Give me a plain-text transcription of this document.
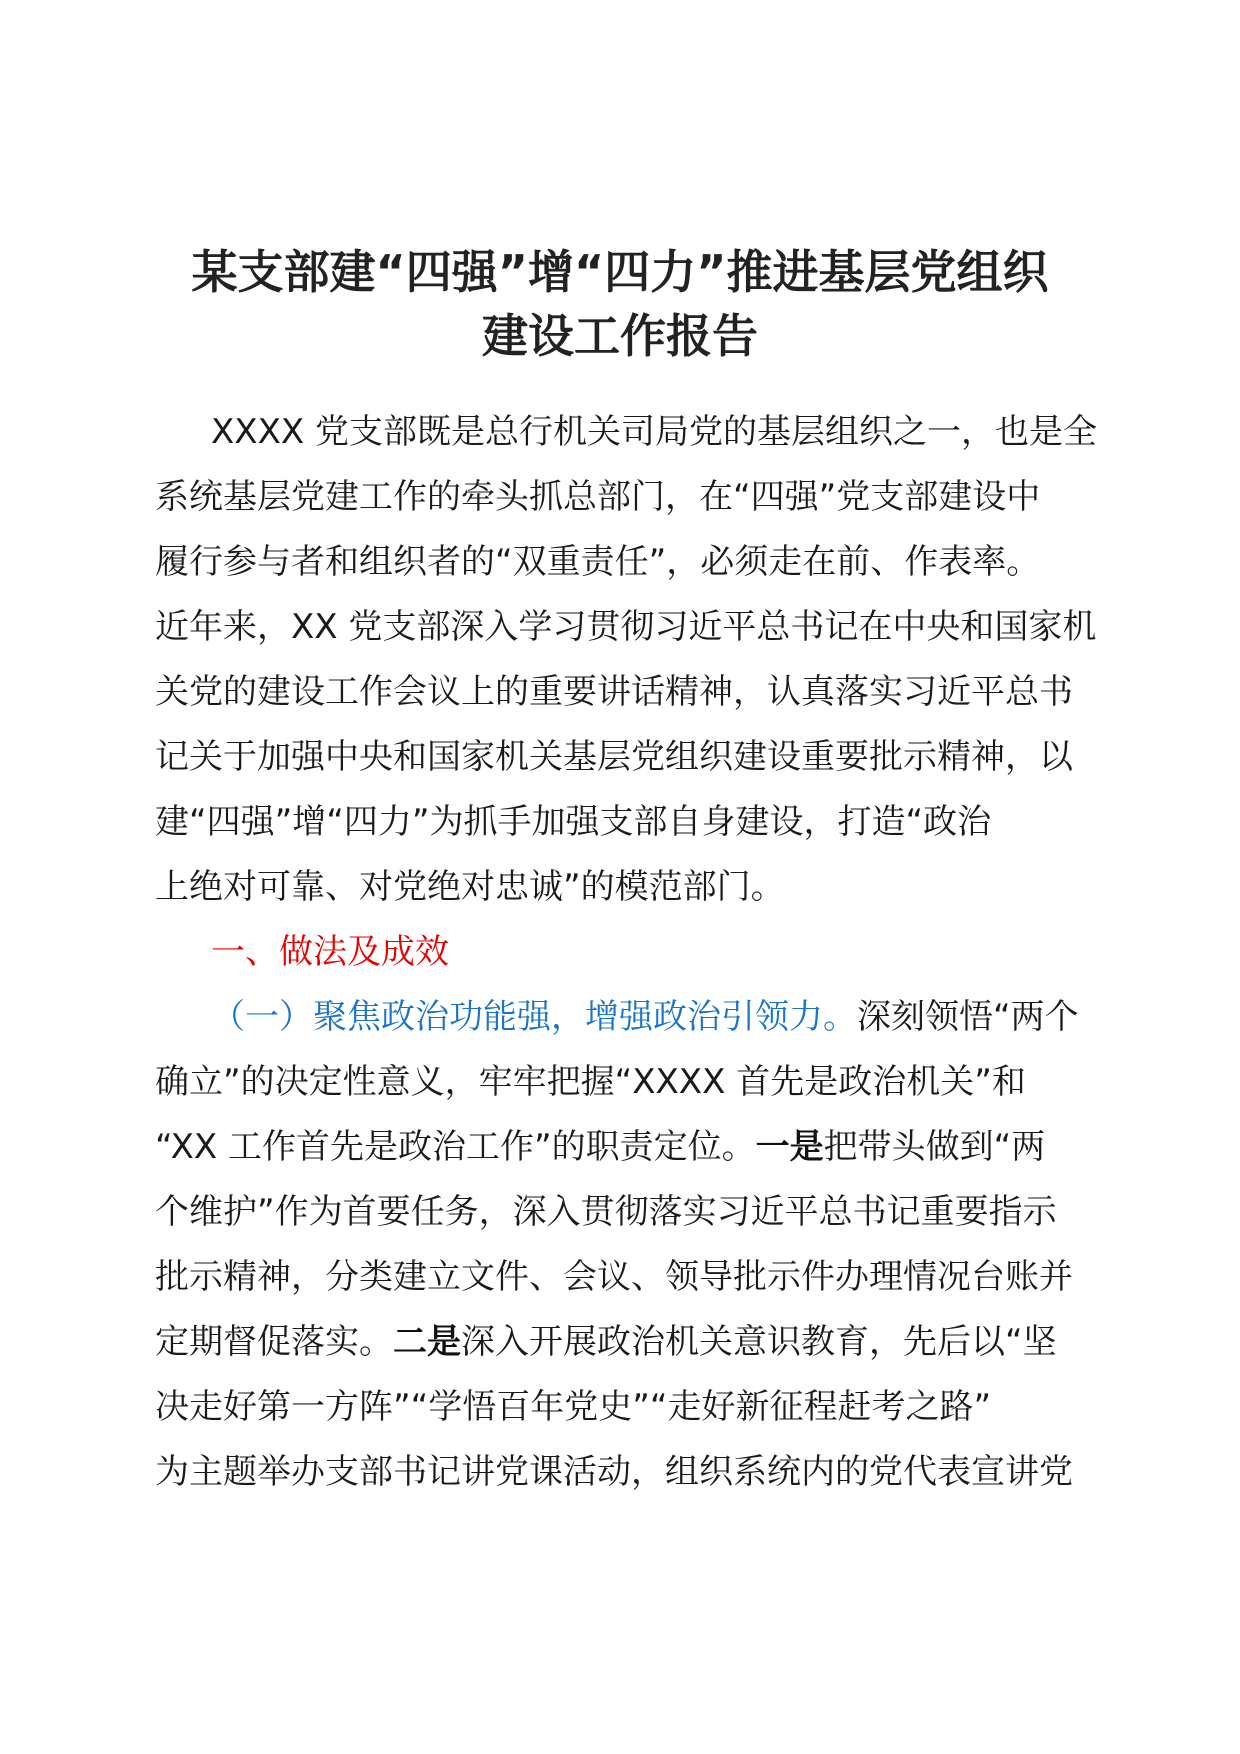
某支部建“四强”增“四力”推进基层党组织
建设工作报告
XXXX 党支部既是总行机关司局党的基层组织之一，也是全
系统基层党建工作的牵头抓总部门，在“四强”党支部建设中
履行参与者和组织者的“双重责任”，必须走在前、作表率。
近年来，XX 党支部深入学习贯彻习近平总书记在中央和国家机
关党的建设工作会议上的重要讲话精神，认真落实习近平总书
记关于加强中央和国家机关基层党组织建设重要批示精神，以
建“四强”增“四力”为抓手加强支部自身建设，打造“政治
上绝对可靠、对党绝对忠诚”的模范部门。
一、做法及成效
（一）聚焦政治功能强，增强政治引领力。深刻领悟“两个
确立”的决定性意义，牢牢把握“XXXX 首先是政治机关”和
“XX 工作首先是政治工作”的职责定位。一是把带头做到“两
个维护”作为首要任务，深入贯彻落实习近平总书记重要指示
批示精神，分类建立文件、会议、领导批示件办理情况台账并
定期督促落实。二是深入开展政治机关意识教育，先后以“坚
决走好第一方阵”“学悟百年党史”“走好新征程赶考之路”
为主题举办支部书记讲党课活动，组织系统内的党代表宣讲党
